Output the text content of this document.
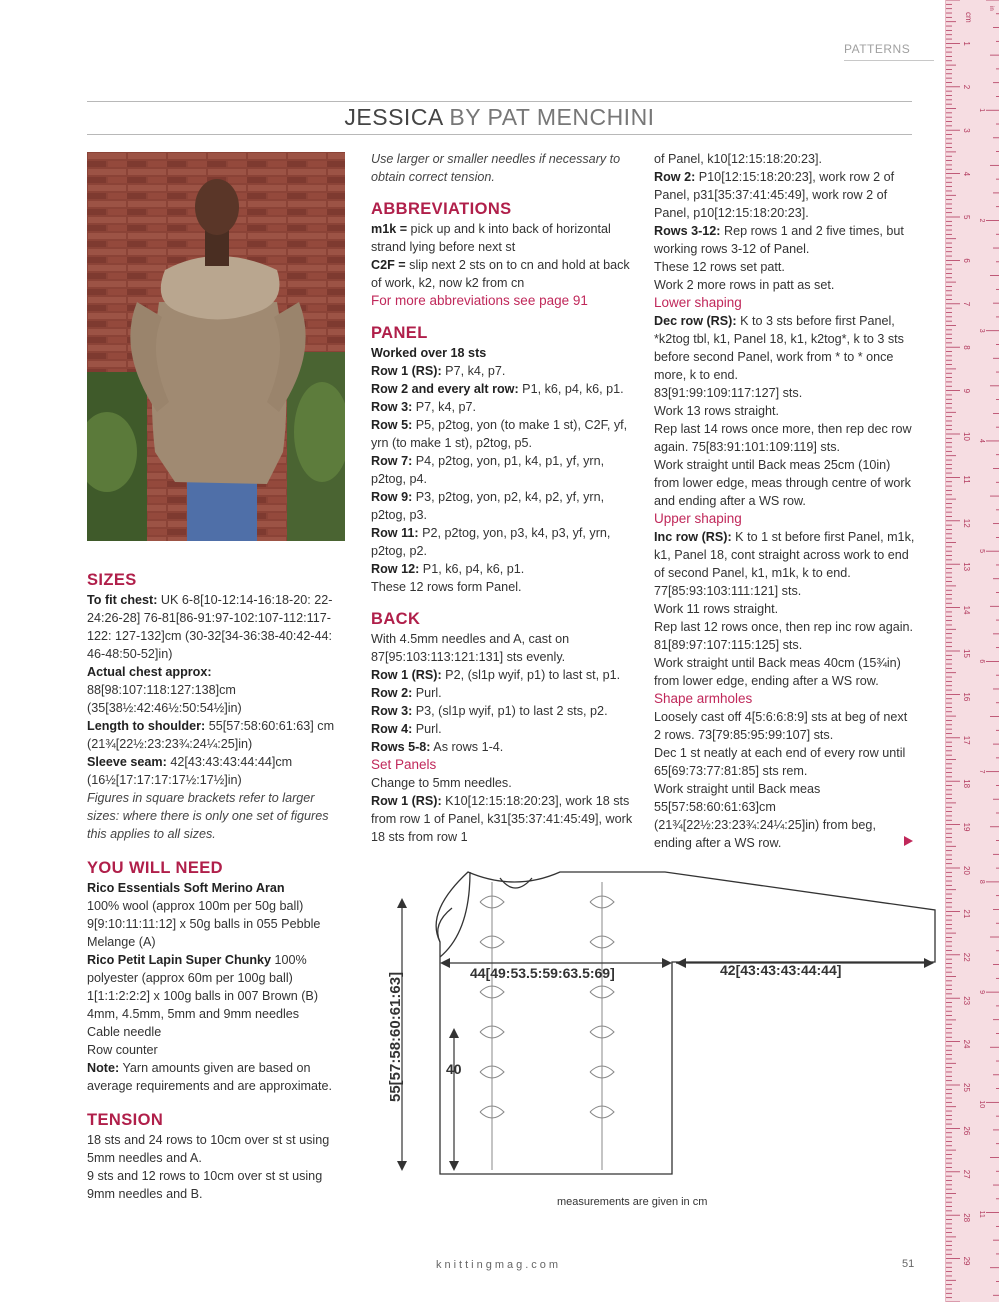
PATTERNS
JESSICA BY PAT MENCHINI
SIZES

To fit chest: UK 6-8[10-12:14-16:18-20: 22-24:26-28] 76-81[86-91:97-102:107-112:117-122: 127-132]cm (30-32[34-36:38-40:42-44: 46-48:50-52]in)

Actual chest approx:
88[98:107:118:127:138]cm (35[38½:42:46½:50:54½]in)

Length to shoulder: 55[57:58:60:61:63] cm (21¾[22½:23:23¾:24¼:25]in)

Sleeve seam: 42[43:43:43:44:44]cm (16½[17:17:17:17½:17½]in)

Figures in square brackets refer to larger sizes: where there is only one set of figures this applies to all sizes.

YOU WILL NEED

Rico Essentials Soft Merino Aran

100% wool (approx 100m per 50g ball) 9[9:10:11:11:12] x 50g balls in 055 Pebble Melange (A)

Rico Petit Lapin Super Chunky 100% polyester (approx 60m per 100g ball) 1[1:1:2:2:2] x 100g balls in 007 Brown (B)

4mm, 4.5mm, 5mm and 9mm needles

Cable needle

Row counter

Note: Yarn amounts given are based on average requirements and are approximate.

TENSION

18 sts and 24 rows to 10cm over st st using 5mm needles and A.

9 sts and 12 rows to 10cm over st st using 9mm needles and B.

Use larger or smaller needles if necessary to obtain correct tension.

ABBREVIATIONS

m1k = pick up and k into back of horizontal strand lying before next st

C2F = slip next 2 sts on to cn and hold at back of work, k2, now k2 from cn

For more abbreviations see page 91
PANEL

Worked over 18 sts

Row 1 (RS): P7, k4, p7.

Row 2 and every alt row: P1, k6, p4, k6, p1.

Row 3: P7, k4, p7.

Row 5: P5, p2tog, yon (to make 1 st), C2F, yf, yrn (to make 1 st), p2tog, p5.

Row 7: P4, p2tog, yon, p1, k4, p1, yf, yrn, p2tog, p4.

Row 9: P3, p2tog, yon, p2, k4, p2, yf, yrn, p2tog, p3.

Row 11: P2, p2tog, yon, p3, k4, p3, yf, yrn, p2tog, p2.

Row 12: P1, k6, p4, k6, p1.

These 12 rows form Panel.

BACK

With 4.5mm needles and A, cast on 87[95:103:113:121:131] sts evenly.

Row 1 (RS): P2, (sl1p wyif, p1) to last st, p1.

Row 2: Purl.

Row 3: P3, (sl1p wyif, p1) to last 2 sts, p2.

Row 4: Purl.

Rows 5-8: As rows 1-4.

Set Panels

Change to 5mm needles.

Row 1 (RS): K10[12:15:18:20:23], work 18 sts from row 1 of Panel, k31[35:37:41:45:49], work 18 sts from row 1

of Panel, k10[12:15:18:20:23].

Row 2: P10[12:15:18:20:23], work row 2 of Panel, p31[35:37:41:45:49], work row 2 of Panel, p10[12:15:18:20:23].

Rows 3-12: Rep rows 1 and 2 five times, but working rows 3-12 of Panel.

These 12 rows set patt.

Work 2 more rows in patt as set.

Lower shaping

Dec row (RS): K to 3 sts before first Panel, *k2tog tbl, k1, Panel 18, k1, k2tog*, k to 3 sts before second Panel, work from * to * once more, k to end.

83[91:99:109:117:127] sts.

Work 13 rows straight.

Rep last 14 rows once more, then rep dec row again. 75[83:91:101:109:119] sts.

Work straight until Back meas 25cm (10in) from lower edge, meas through centre of work and ending after a WS row.

Upper shaping

Inc row (RS): K to 1 st before first Panel, m1k, k1, Panel 18, cont straight across work to end of second Panel, k1, m1k, k to end.

77[85:93:103:111:121] sts.

Work 11 rows straight.

Rep last 12 rows once, then rep inc row again. 81[89:97:107:115:125] sts.

Work straight until Back meas 40cm (15¾in) from lower edge, ending after a WS row.

Shape armholes

Loosely cast off 4[5:6:6:8:9] sts at beg of next 2 rows. 73[79:85:95:99:107] sts.

Dec 1 st neatly at each end of every row until 65[69:73:77:81:85] sts rem.

Work straight until Back meas 55[57:58:60:61:63]cm (21¾[22½:23:23¾:24¼:25]in) from beg, ending after a WS row.

44[49:53.5:59:63.5:69]	42[43:43:43:44:44]
40
55[57:58:60:61:63]
measurements are given in cm
knittingmag.com	51
cm
in
1
2
3
4
5
6
7
8
9
10
11
12
13
14
15
16
17
18
19
20
21
22
23
24
25
26
27
28
29
1
2
3
4
5
6
7
8
9
10
11
